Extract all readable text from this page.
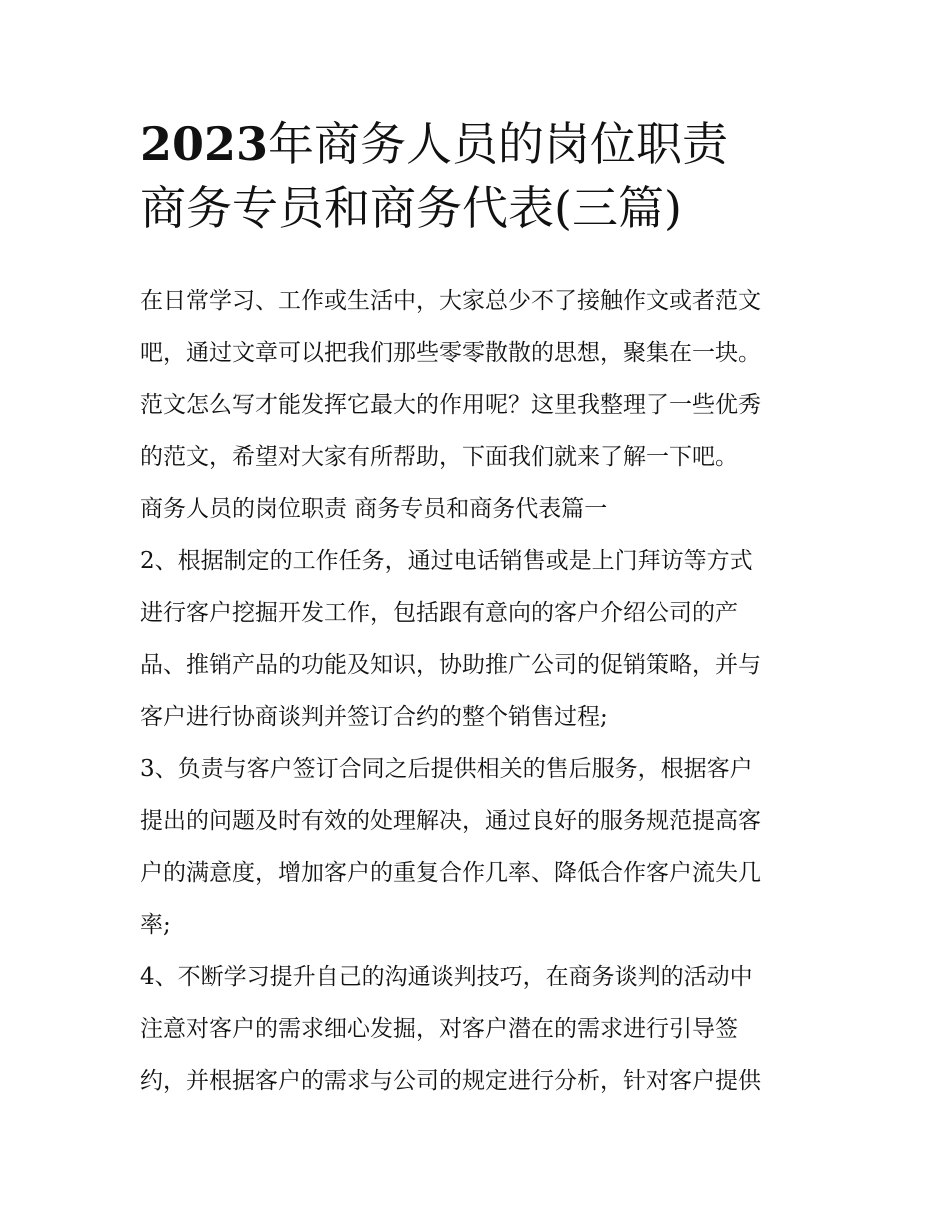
2023年商务人员的岗位职责
商务专员和商务代表(三篇)
在日常学习、工作或生活中，大家总少不了接触作文或者范文
吧，通过文章可以把我们那些零零散散的思想，聚集在一块。
范文怎么写才能发挥它最大的作用呢？这里我整理了一些优秀
的范文，希望对大家有所帮助，下面我们就来了解一下吧。
商务人员的岗位职责 商务专员和商务代表篇一
2、根据制定的工作任务，通过电话销售或是上门拜访等方式
进行客户挖掘开发工作，包括跟有意向的客户介绍公司的产
品、推销产品的功能及知识，协助推广公司的促销策略，并与
客户进行协商谈判并签订合约的整个销售过程;
3、负责与客户签订合同之后提供相关的售后服务，根据客户
提出的问题及时有效的处理解决，通过良好的服务规范提高客
户的满意度，增加客户的重复合作几率、降低合作客户流失几
率;
4、不断学习提升自己的沟通谈判技巧，在商务谈判的活动中
注意对客户的需求细心发掘，对客户潜在的需求进行引导签
约，并根据客户的需求与公司的规定进行分析，针对客户提供
